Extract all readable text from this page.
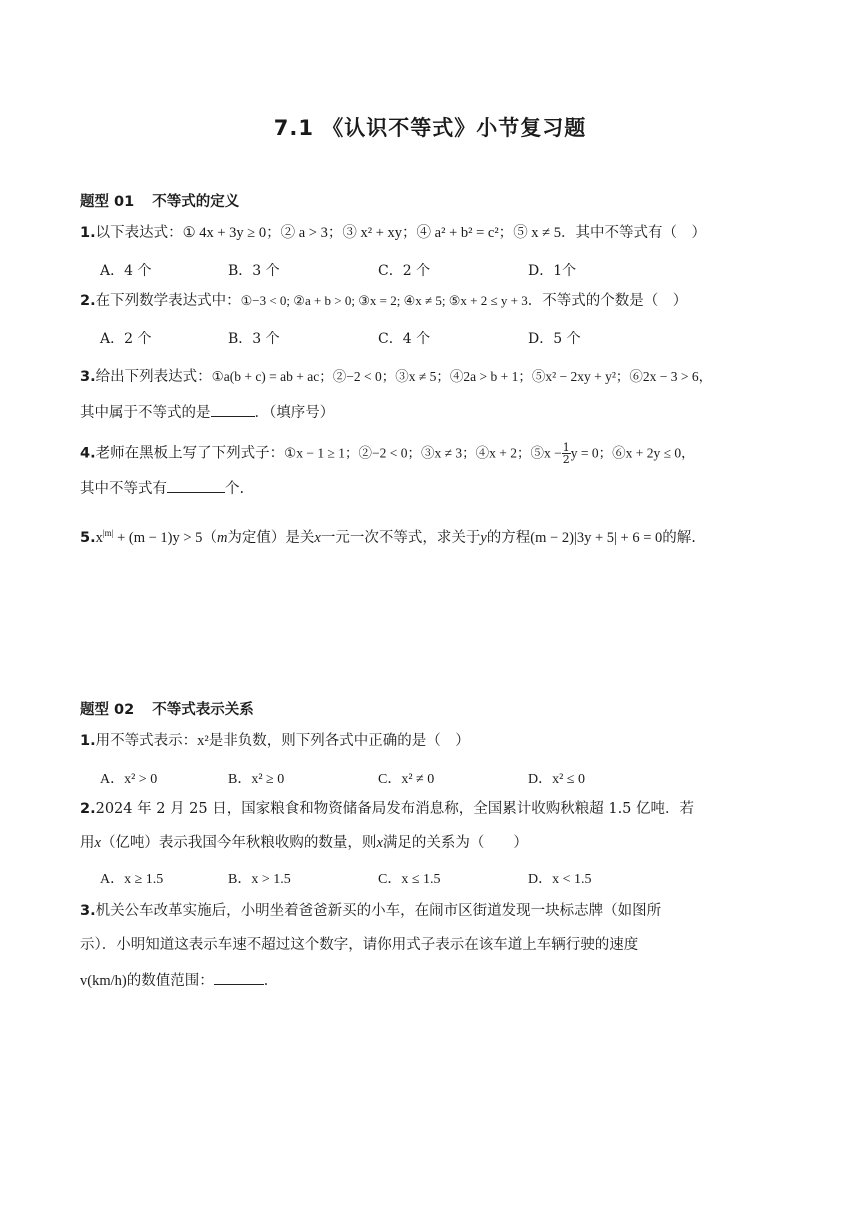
7.1 《认识不等式》小节复习题
题型 01 不等式的定义
1.以下表达式：① 4x + 3y ≥ 0；② a > 3；③ x² + xy；④ a² + b² = c²；⑤ x ≠ 5．其中不等式有（　）
A．4 个	B．3 个	C．2 个	D．1个
2.在下列数学表达式中：①−3 < 0; ②a + b > 0; ③x = 2; ④x ≠ 5; ⑤x + 2 ≤ y + 3．不等式的个数是（　）
A．2 个	B．3 个	C．4 个	D．5 个
3.给出下列表达式：①a(b + c) = ab + ac；②−2 < 0；③x ≠ 5；④2a > b + 1；⑤x² − 2xy + y²；⑥2x − 3 > 6，
其中属于不等式的是	．（填序号）
4.老师在黑板上写了下列式子：①x − 1 ≥ 1；②−2 < 0；③x ≠ 3；④x + 2；⑤x − $\frac{1}{2}$ y = 0；⑥x + 2y ≤ 0，
其中不等式有	个.
$5.x^{|m|} + (m - 1)y > 5(m$为定值）是关x一元一次不等式，求关于y的方程(m − 2)|3y + 5| + 6 = 0的解.
题型 02 不等式表示关系
1.用不等式表示：x²是非负数，则下列各式中正确的是（　）
A．x² > 0	B．x² ≥ 0	C．x² ≠ 0	D．x² ≤ 0
2.2024 年 2 月 25 日，国家粮食和物资储备局发布消息称，全国累计收购秋粮超 1.5 亿吨．若
用x（亿吨）表示我国今年秋粮收购的数量，则x满足的关系为（　　）
A．x ≥ 1.5	B．x > 1.5	C．x ≤ 1.5	D．x < 1.5
3.机关公车改革实施后，小明坐着爸爸新买的小车，在闹市区街道发现一块标志牌（如图所
示）．小明知道这表示车速不超过这个数字，请你用式子表示在该车道上车辆行驶的速度
v(km/h)的数值范围：	．
